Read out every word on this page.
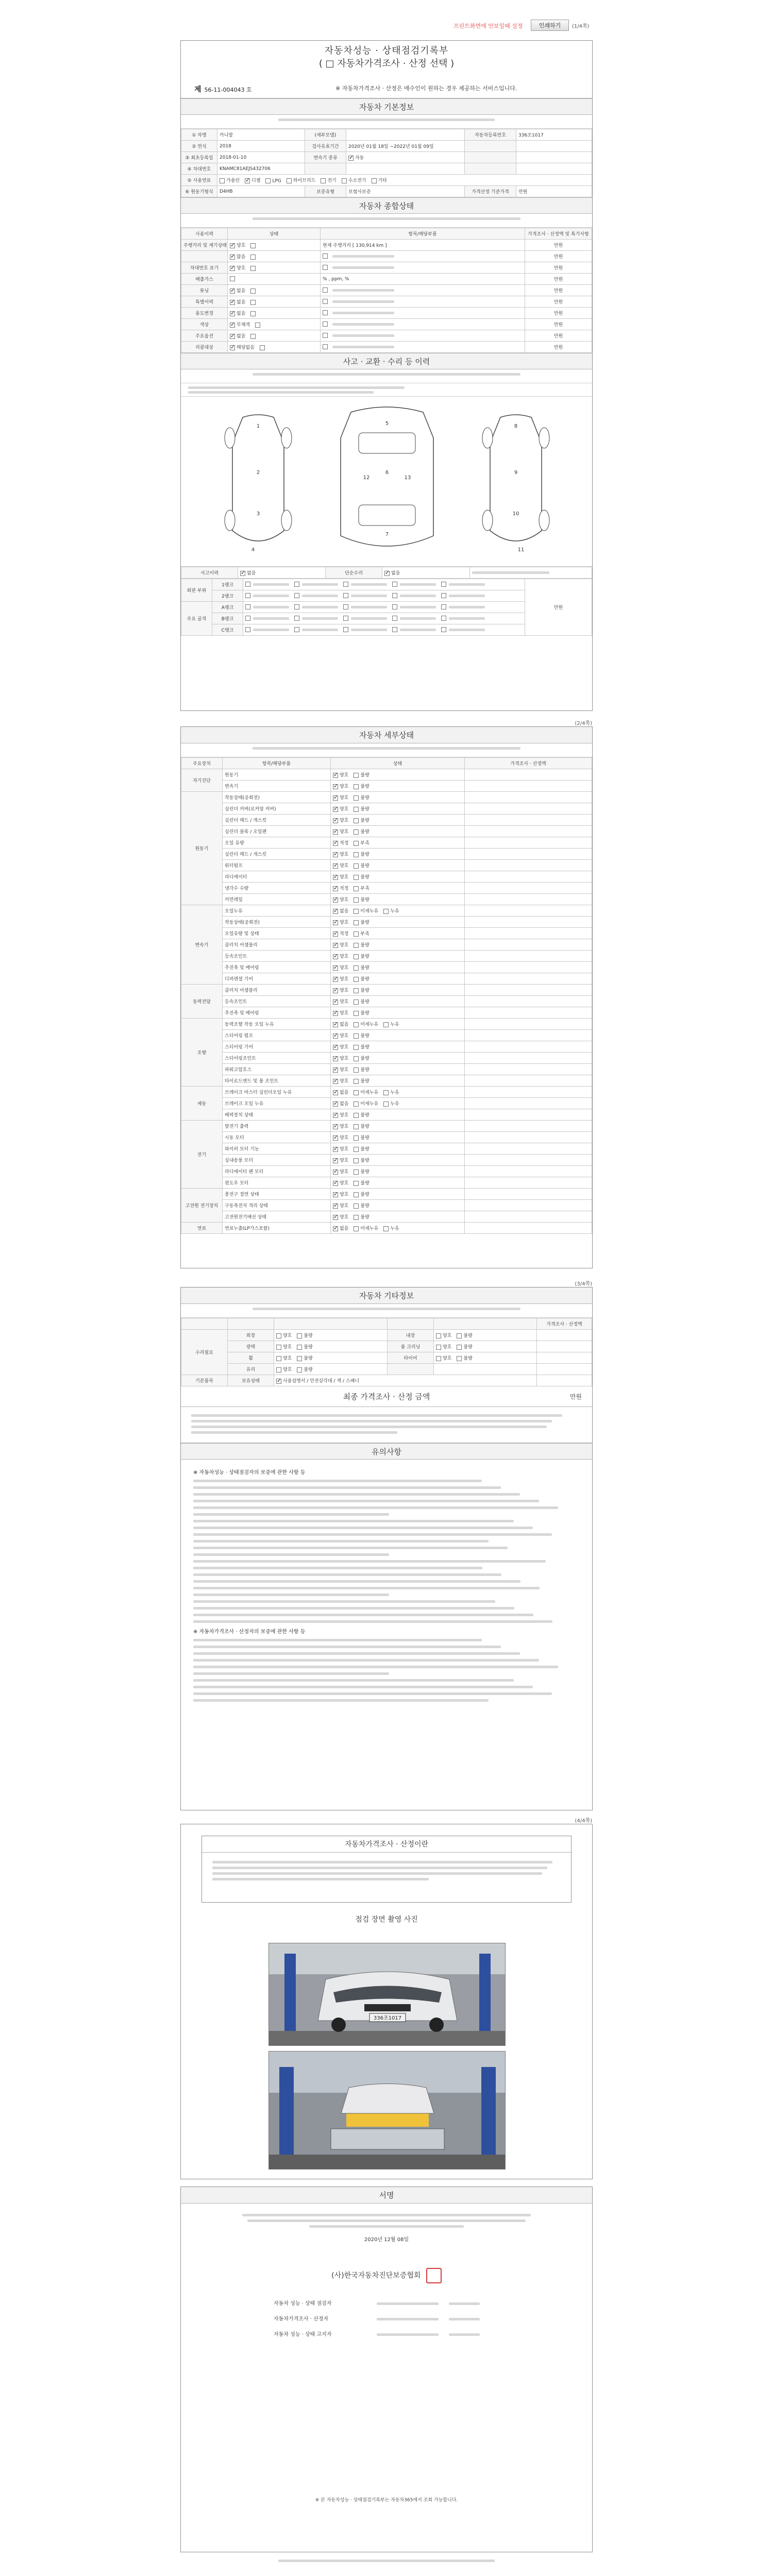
프린트화면에 안보일때 설정	인쇄하기	(1/4쪽)
자동차성능 · 상태점검기록부
( □ 자동차가격조사 · 산정 선택 )
제 56-11-004043 호	※ 자동차가격조사 · 산정은 매수인이 원하는 경우 제공하는 서비스입니다.
자동차 기본정보
① 차명	카니발	(세부모델)		자동차등록번호	336조1017
② 연식	2018	검사유효기간	2020년 01월 18일 ~2022년 01월 09일		
③ 최초등록일	2018-01-10	변속기 종류	✓자동		
④ 차대번호	KNAMC81AEJS432706				
⑤ 사용연료	가솔린 ✓ 디젤 LPG 하이브리드 전기 수소전기 기타
⑥ 원동기형식	D4HB	보증유형	보험사보증	가격산정 기준가격	만원
자동차 종합상태
사용이력	상태	항목/해당부품	가격조사 · 산정액 및 특기사항
주행거리 및 계기상태	✓양호	현재 주행거리 [ 130,914 km ]	만원
	✓많음		만원
차대번호 표기	✓양호		만원
배출가스		% , ppm, %	만원
튜닝	✓없음		만원
특별이력	✓없음		만원
용도변경	✓없음		만원
색상	✓무채색		만원
주요옵션	✓없음		만원
리콜대상	✓해당없음		만원
사고 · 교환 · 수리 등 이력
1
2
3
4
5
6
7
8
9
10
11
12	13
사고이력	✓없음	단순수리	✓없음	
외판 부위	1랭크		만원
	2랭크		
주요 골격	A랭크		
	B랭크		
	C랭크		
(2/4쪽)
자동차 세부상태
주요장치	항목/해당부품	상태	가격조사 · 산정액
자기진단	원동기	✓양호 불량	
	변속기	✓양호 불량	
원동기	작동상태(공회전)	✓양호 불량	
	실린더 커버(로커암 커버)	✓양호 불량	
	실린더 헤드 / 개스킷	✓양호 불량	
	실린더 블록 / 오일팬	✓양호 불량	
	오일 유량	✓적정 부족	
	실린더 헤드 / 개스킷	✓양호 불량	
	워터펌프	✓양호 불량	
	라디에이터	✓양호 불량	
	냉각수 수량	✓적정 부족	
	커먼레일	✓양호 불량	
변속기	오일누유	✓없음 미세누유 누유	
	작동상태(공회전)	✓양호 불량	
	오일유량 및 상태	✓적정 부족	
	클러치 어셈블리	✓양호 불량	
	등속조인트	✓양호 불량	
	추진축 및 베어링	✓양호 불량	
	디퍼렌셜 기어	✓양호 불량	
동력전달	클러치 어셈블리	✓양호 불량	
	등속조인트	✓양호 불량	
	추진축 및 베어링	✓양호 불량	
조향	동력조향 작동 오일 누유	✓없음 미세누유 누유	
	스티어링 펌프	✓양호 불량	
	스티어링 기어	✓양호 불량	
	스티어링조인트	✓양호 불량	
	파워고압호스	✓양호 불량	
	타이로드엔드 및 볼 조인트	✓양호 불량	
제동	브레이크 마스터 실린더오일 누유	✓없음 미세누유 누유	
	브레이크 오일 누유	✓없음 미세누유 누유	
	배력장치 상태	✓양호 불량	
전기	발전기 출력	✓양호 불량	
	시동 모터	✓양호 불량	
	와이퍼 모터 기능	✓양호 불량	
	실내송풍 모터	✓양호 불량	
	라디에이터 팬 모터	✓양호 불량	
	윈도우 모터	✓양호 불량	
고전원 전기장치	충전구 절연 상태	✓양호 불량	
	구동축전지 격리 상태	✓양호 불량	
	고전원전기배선 상태	✓양호 불량	
연료	연료누출(LP가스포함)	✓없음 미세누유 누유	
(3/4쪽)
자동차 기타정보
					가격조사 · 산정액
수리필요	외장	양호 불량	내장	양호 불량	
	광택	양호 불량	룸 크리닝	양호 불량	
	휠	양호 불량	타이어	양호 불량	
	유리	양호 불량			
기본품목	보유상태	✓사용설명서 / 안전삼각대 / 잭 / 스패너	
최종 가격조사 · 산정 금액	만원
유의사항
※ 자동차성능 · 상태점검자의 보증에 관한 사항 등
※ 자동차가격조사 · 산정자의 보증에 관한 사항 등
(4/4쪽)
자동차가격조사 · 산정이란
점검 장면 촬영 사진
336조1017
서명
2020년 12월 08일
(사)한국자동차진단보증협회
자동차 성능 · 상태 점검자
자동차가격조사 · 산정자
자동차 성능 · 상태 고지자
※ 본 자동차성능 · 상태점검기록부는 자동차365에서 조회 가능합니다.
